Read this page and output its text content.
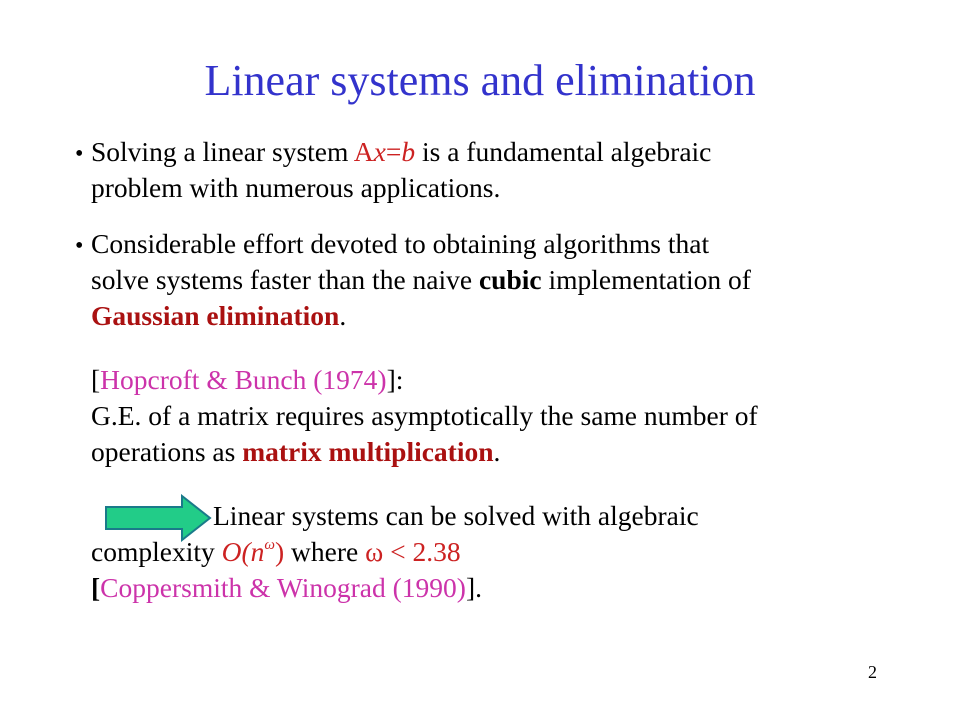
Linear systems and elimination
• Solving a linear system Ax=b is a fundamental algebraic
problem with numerous applications.
• Considerable effort devoted to obtaining algorithms that
solve systems faster than the naive cubic implementation of
Gaussian elimination.
[Hopcroft & Bunch (1974)]:
G.E. of a matrix requires asymptotically the same number of
operations as matrix multiplication.
Linear systems can be solved with algebraic
complexity $O(n^\omega)$ where ω < 2.38
[Coppersmith & Winograd (1990)].
2
